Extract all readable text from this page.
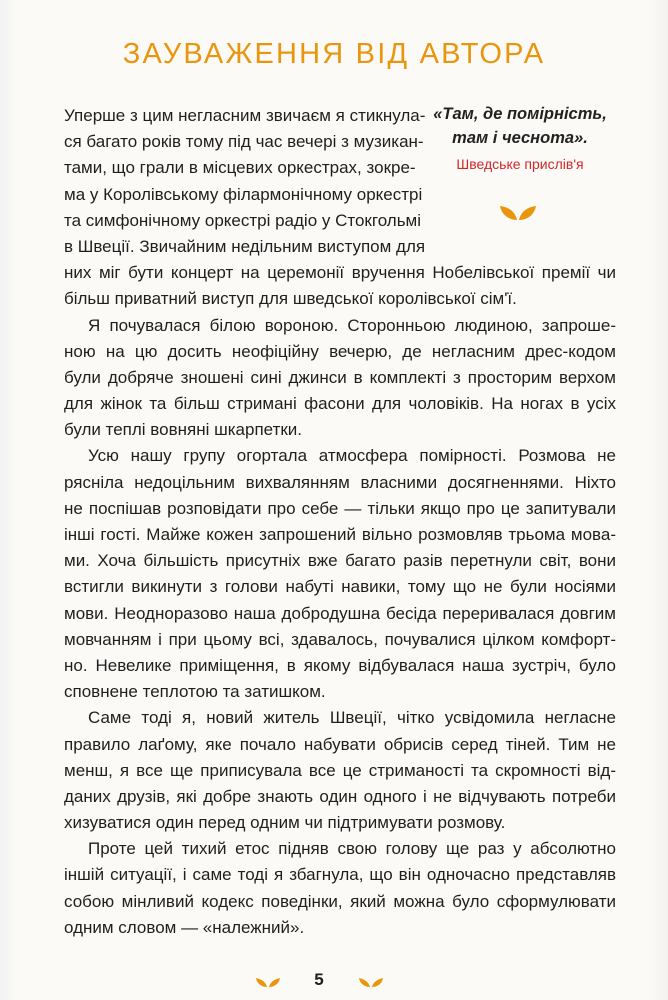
ЗАУВАЖЕННЯ ВІД АВТОРА

«Там, де помірність,
там і чеснота».

Шведське прислів'я
Уперше з цим негласним звичаєм я стикнула-
ся багато років тому під час вечері з музикан-
тами, що грали в місцевих оркестрах, зокре-
ма у Королівському філармонічному оркестрі
та симфонічному оркестрі радіо у Стокгольмі
в Швеції. Звичайним недільним виступом для
них міг бути концерт на церемонії вручення Нобелівської премії чи
більш приватний виступ для шведської королівської сім'ї.
Я почувалася білою вороною. Сторонньою людиною, запроше-
ною на цю досить неофіційну вечерю, де негласним дрес-кодом
були добряче зношені сині джинси в комплекті з просторим верхом
для жінок та більш стримані фасони для чоловіків. На ногах в усіх
були теплі вовняні шкарпетки.
Усю нашу групу огортала атмосфера помірності. Розмова не
рясніла недоцільним вихвалянням власними досягненнями. Ніхто
не поспішав розповідати про себе — тільки якщо про це запитували
інші гості. Майже кожен запрошений вільно розмовляв трьома мова-
ми. Хоча більшість присутніх вже багато разів перетнули світ, вони
встигли викинути з голови набуті навики, тому що не були носіями
мови. Неодноразово наша добродушна бесіда переривалася довгим
мовчанням і при цьому всі, здавалось, почувалися цілком комфорт-
но. Невелике приміщення, в якому відбувалася наша зустріч, було
сповнене теплотою та затишком.
Саме тоді я, новий житель Швеції, чітко усвідомила негласне
правило лаґому, яке почало набувати обрисів серед тіней. Тим не
менш, я все ще приписувала все це стриманості та скромності від-
даних друзів, які добре знають один одного і не відчувають потреби
хизуватися один перед одним чи підтримувати розмову.
Проте цей тихий етос підняв свою голову ще раз у абсолютно
іншій ситуації, і саме тоді я збагнула, що він одночасно представляв
собою мінливий кодекс поведінки, який можна було сформулювати
одним словом — «належний».
5
